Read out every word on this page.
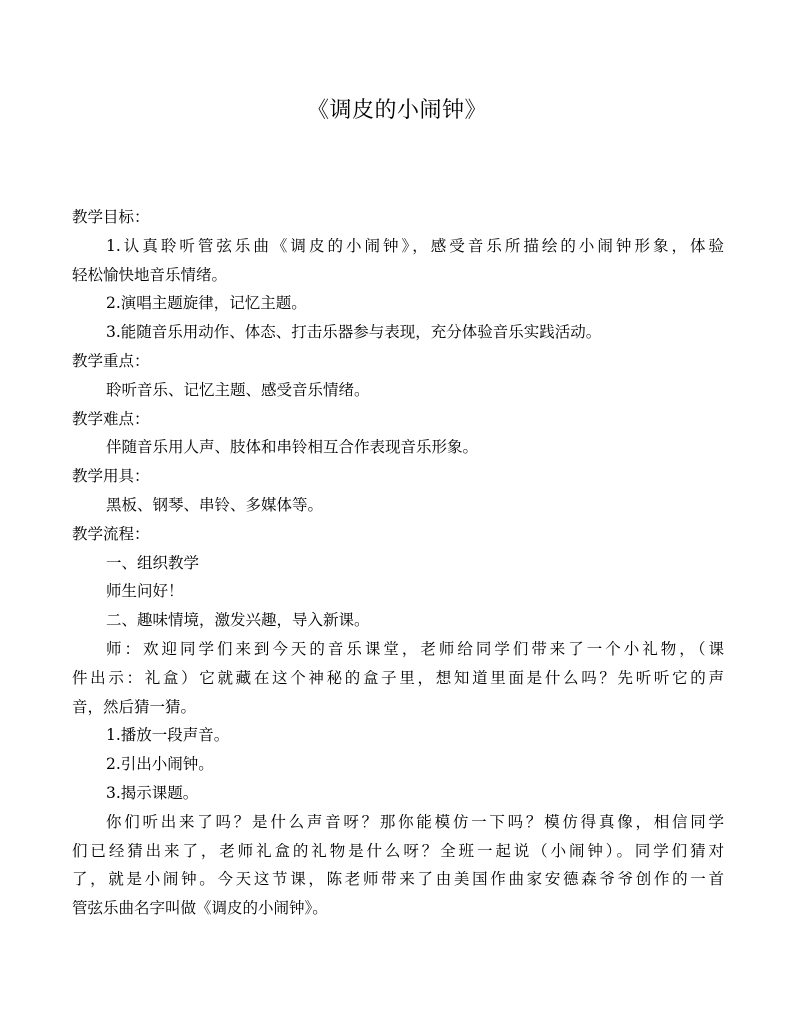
《调皮的小闹钟》
教学目标：
1.认真聆听管弦乐曲《调皮的小闹钟》，感受音乐所描绘的小闹钟形象，体验
轻松愉快地音乐情绪。
2.演唱主题旋律，记忆主题。
3.能随音乐用动作、体态、打击乐器参与表现，充分体验音乐实践活动。
教学重点：
聆听音乐、记忆主题、感受音乐情绪。
教学难点：
伴随音乐用人声、肢体和串铃相互合作表现音乐形象。
教学用具：
黑板、钢琴、串铃、多媒体等。
教学流程：
一、组织教学
师生问好！
二、趣味情境，激发兴趣，导入新课。
师：欢迎同学们来到今天的音乐课堂，老师给同学们带来了一个小礼物，（课
件出示：礼盒）它就藏在这个神秘的盒子里，想知道里面是什么吗？先听听它的声
音，然后猜一猜。
1.播放一段声音。
2.引出小闹钟。
3.揭示课题。
你们听出来了吗？是什么声音呀？那你能模仿一下吗？模仿得真像，相信同学
们已经猜出来了，老师礼盒的礼物是什么呀？全班一起说（小闹钟）。同学们猜对
了，就是小闹钟。今天这节课，陈老师带来了由美国作曲家安德森爷爷创作的一首
管弦乐曲名字叫做《调皮的小闹钟》。
